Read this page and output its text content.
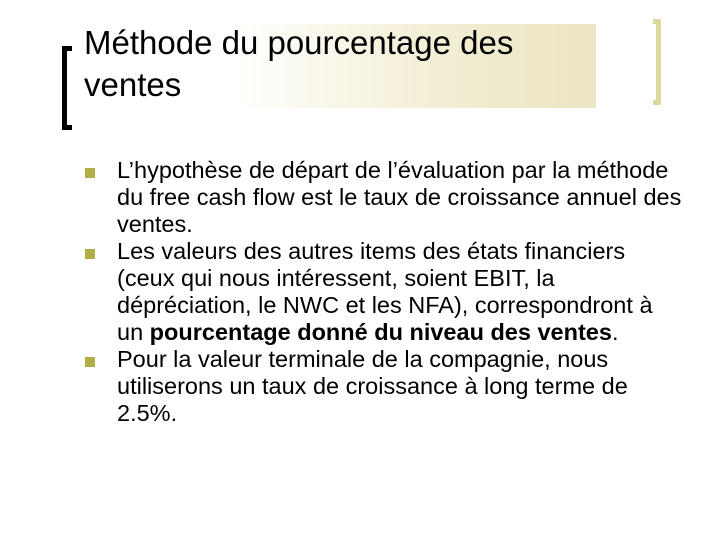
Méthode du pourcentage des
ventes
L’hypothèse de départ de l’évaluation par la méthode du free cash flow est le taux de croissance annuel des ventes.
Les valeurs des autres items des états financiers (ceux qui nous intéressent, soient EBIT, la dépréciation, le NWC et les NFA), correspondront à un pourcentage donné du niveau des ventes.
Pour la valeur terminale de la compagnie, nous utiliserons un taux de croissance à long terme de 2.5%.
